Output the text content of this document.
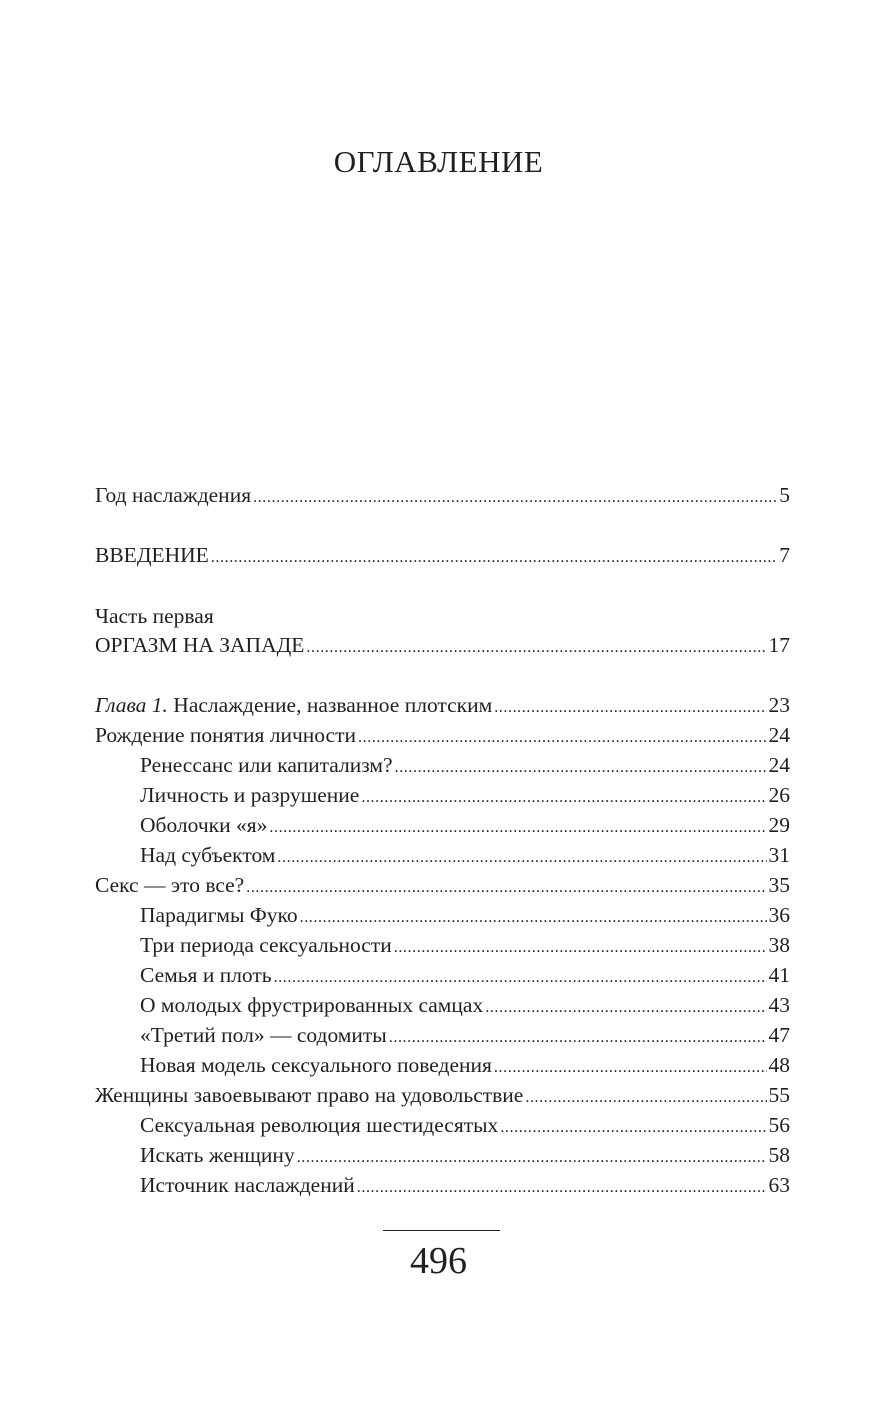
ОГЛАВЛЕНИЕ
Год наслаждения .....	5
ВВЕДЕНИЕ .....	7
Часть первая
ОРГАЗМ НА ЗАПАДЕ .....	17
Глава 1. Наслаждение, названное плотским .....	23
Рождение понятия личности .....	24
Ренессанс или капитализм? .....	24
Личность и разрушение .....	26
Оболочки «я» .....	29
Над субъектом .....	31
Секс — это все? .....	35
Парадигмы Фуко .....	36
Три периода сексуальности .....	38
Семья и плоть .....	41
О молодых фрустрированных самцах .....	43
«Третий пол» — содомиты .....	47
Новая модель сексуального поведения .....	48
Женщины завоевывают право на удовольствие .....	55
Сексуальная революция шестидесятых .....	56
Искать женщину .....	58
Источник наслаждений .....	63
496
